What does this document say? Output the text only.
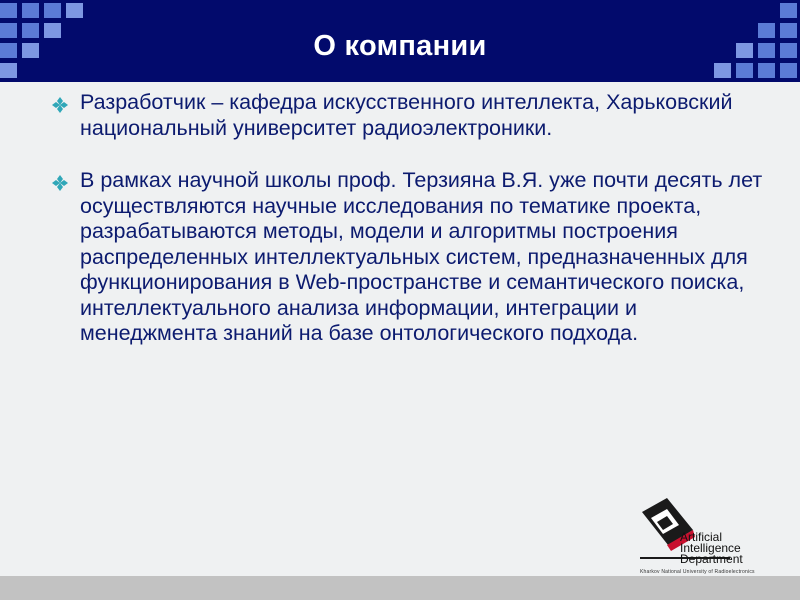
О компании
Разработчик – кафедра искусственного интеллекта, Харьковский национальный университет радиоэлектроники.
В рамках научной школы проф. Терзияна В.Я. уже почти десять лет осуществляются научные исследования по тематике проекта, разрабатываются методы, модели и алгоритмы построения распределенных интеллектуальных систем, предназначенных для функционирования в Web-пространстве и семантического поиска, интеллектуального анализа информации, интеграции и менеджмента знаний на базе онтологического подхода.
Artificial
Intelligence
Department
Kharkov National University of Radioelectronics
